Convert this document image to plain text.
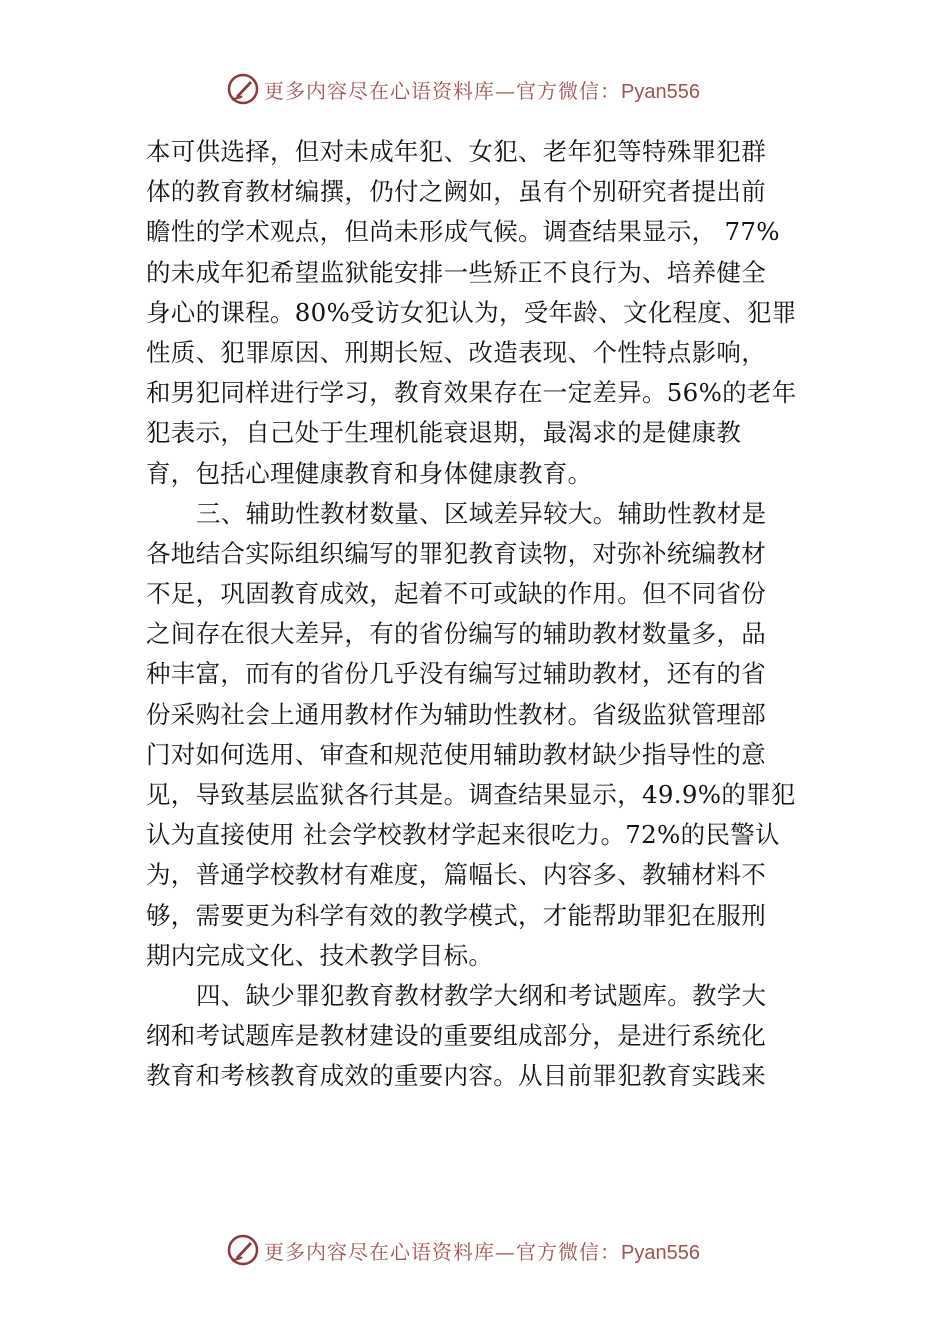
更多内容尽在心语资料库—官方微信：Pyan556
本可供选择，但对未成年犯、女犯、老年犯等特殊罪犯群
体的教育教材编撰，仍付之阙如，虽有个别研究者提出前
瞻性的学术观点，但尚未形成气候。调查结果显示， 77%
的未成年犯希望监狱能安排一些矫正不良行为、培养健全
身心的课程。80%受访女犯认为，受年龄、文化程度、犯罪
性质、犯罪原因、刑期长短、改造表现、个性特点影响，
和男犯同样进行学习，教育效果存在一定差异。56%的老年
犯表示，自己处于生理机能衰退期，最渴求的是健康教
育，包括心理健康教育和身体健康教育。
三、辅助性教材数量、区域差异较大。辅助性教材是
各地结合实际组织编写的罪犯教育读物，对弥补统编教材
不足，巩固教育成效，起着不可或缺的作用。但不同省份
之间存在很大差异，有的省份编写的辅助教材数量多，品
种丰富，而有的省份几乎没有编写过辅助教材，还有的省
份采购社会上通用教材作为辅助性教材。省级监狱管理部
门对如何选用、审查和规范使用辅助教材缺少指导性的意
见，导致基层监狱各行其是。调查结果显示，49.9%的罪犯
认为直接使用 社会学校教材学起来很吃力。72%的民警认
为，普通学校教材有难度，篇幅长、内容多、教辅材料不
够，需要更为科学有效的教学模式，才能帮助罪犯在服刑
期内完成文化、技术教学目标。
四、缺少罪犯教育教材教学大纲和考试题库。教学大
纲和考试题库是教材建设的重要组成部分，是进行系统化
教育和考核教育成效的重要内容。从目前罪犯教育实践来
更多内容尽在心语资料库—官方微信：Pyan556
